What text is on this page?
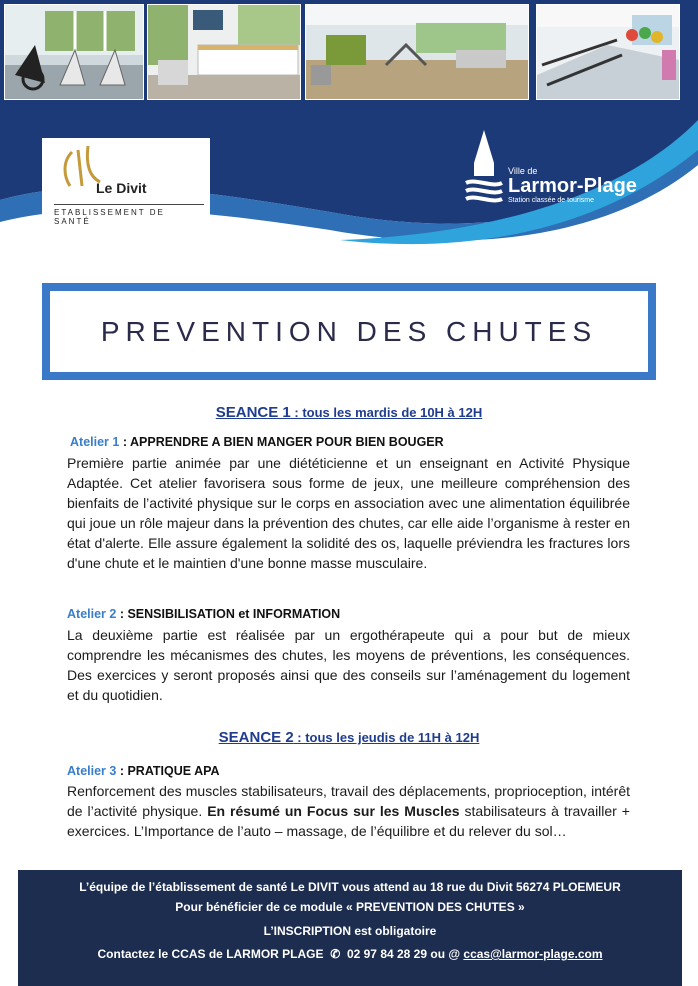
Le Divit
ETABLISSEMENT DE SANTÉ
Ville de
Larmor-Plage
Station classée de tourisme
PREVENTION DES CHUTES
SEANCE 1 : tous les mardis de 10H à 12H
Atelier 1 : APPRENDRE A BIEN MANGER POUR BIEN BOUGER
Première partie animée par une diététicienne et un enseignant en Activité Physique Adaptée. Cet atelier favorisera sous forme de jeux, une meilleure compréhension des bienfaits de l’activité physique sur le corps en association avec une alimentation équilibrée qui joue un rôle majeur dans la prévention des chutes, car elle aide l’organisme à rester en état d'alerte. Elle assure également la solidité des os, laquelle préviendra les fractures lors d'une chute et le maintien d'une bonne masse musculaire.
Atelier 2 : SENSIBILISATION et INFORMATION
La deuxième partie est réalisée par un ergothérapeute qui a pour but de mieux comprendre les mécanismes des chutes, les moyens de préventions, les conséquences. Des exercices y seront proposés ainsi que des conseils sur l’aménagement du logement et du quotidien.
SEANCE 2 : tous les jeudis de 11H à 12H
Atelier 3 : PRATIQUE APA
Renforcement des muscles stabilisateurs, travail des déplacements, proprioception, intérêt de l’activité physique. En résumé un Focus sur les Muscles stabilisateurs à travailler + exercices. L’Importance de l’auto – massage, de l’équilibre et du relever du sol…
L’équipe de l’établissement de santé Le DIVIT vous attend au 18 rue du Divit 56274 PLOEMEUR
Pour bénéficier de ce module « PREVENTION DES CHUTES »
L’INSCRIPTION est obligatoire
Contactez le CCAS de LARMOR PLAGE  ✆  02 97 84 28 29 ou @ ccas@larmor-plage.com
